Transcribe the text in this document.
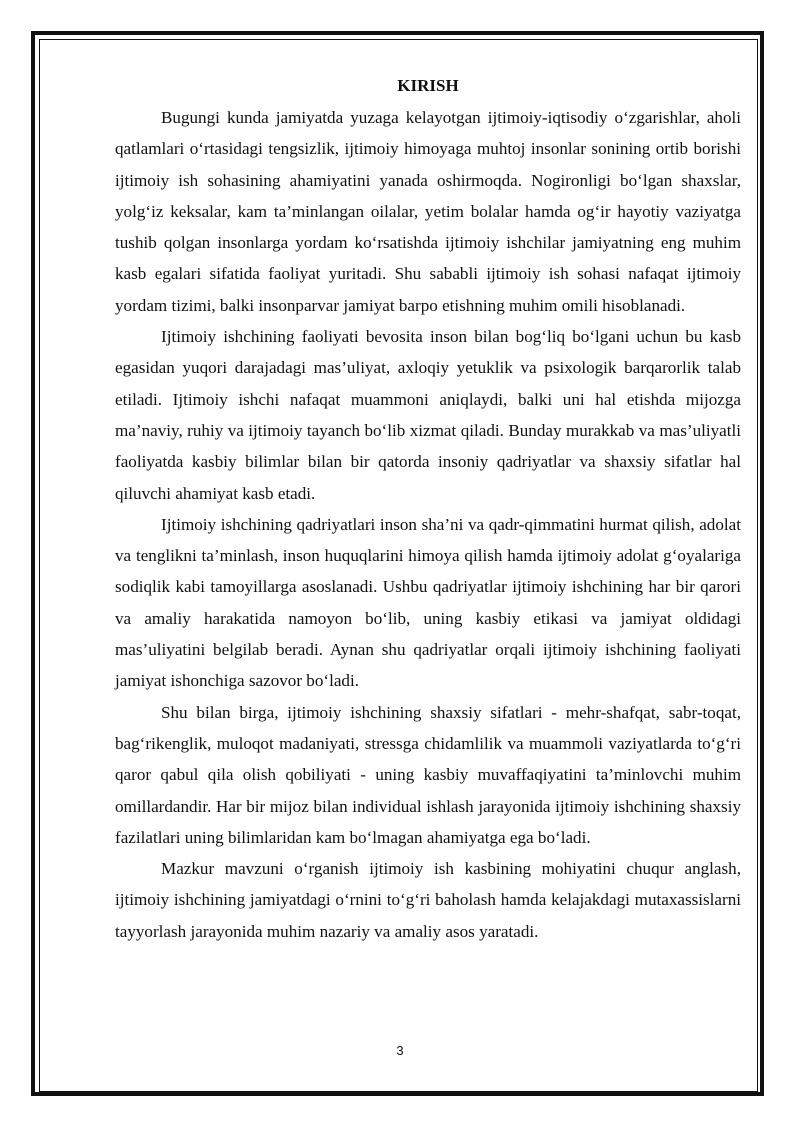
KIRISH

Bugungi kunda jamiyatda yuzaga kelayotgan ijtimoiy-iqtisodiy o‘zgarishlar, aholi qatlamlari o‘rtasidagi tengsizlik, ijtimoiy himoyaga muhtoj insonlar sonining ortib borishi ijtimoiy ish sohasining ahamiyatini yanada oshirmoqda. Nogironligi bo‘lgan shaxslar, yolg‘iz keksalar, kam ta’minlangan oilalar, yetim bolalar hamda og‘ir hayotiy vaziyatga tushib qolgan insonlarga yordam ko‘rsatishda ijtimoiy ishchilar jamiyatning eng muhim kasb egalari sifatida faoliyat yuritadi. Shu sababli ijtimoiy ish sohasi nafaqat ijtimoiy yordam tizimi, balki insonparvar jamiyat barpo etishning muhim omili hisoblanadi.

Ijtimoiy ishchining faoliyati bevosita inson bilan bog‘liq bo‘lgani uchun bu kasb egasidan yuqori darajadagi mas’uliyat, axloqiy yetuklik va psixologik barqarorlik talab etiladi. Ijtimoiy ishchi nafaqat muammoni aniqlaydi, balki uni hal etishda mijozga ma’naviy, ruhiy va ijtimoiy tayanch bo‘lib xizmat qiladi. Bunday murakkab va mas’uliyatli faoliyatda kasbiy bilimlar bilan bir qatorda insoniy qadriyatlar va shaxsiy sifatlar hal qiluvchi ahamiyat kasb etadi.

Ijtimoiy ishchining qadriyatlari inson sha’ni va qadr-qimmatini hurmat qilish, adolat va tenglikni ta’minlash, inson huquqlarini himoya qilish hamda ijtimoiy adolat g‘oyalariga sodiqlik kabi tamoyillarga asoslanadi. Ushbu qadriyatlar ijtimoiy ishchining har bir qarori va amaliy harakatida namoyon bo‘lib, uning kasbiy etikasi va jamiyat oldidagi mas’uliyatini belgilab beradi. Aynan shu qadriyatlar orqali ijtimoiy ishchining faoliyati jamiyat ishonchiga sazovor bo‘ladi.

Shu bilan birga, ijtimoiy ishchining shaxsiy sifatlari - mehr-shafqat, sabr-toqat, bag‘rikenglik, muloqot madaniyati, stressga chidamlilik va muammoli vaziyatlarda to‘g‘ri qaror qabul qila olish qobiliyati - uning kasbiy muvaffaqiyatini ta’minlovchi muhim omillardandir. Har bir mijoz bilan individual ishlash jarayonida ijtimoiy ishchining shaxsiy fazilatlari uning bilimlaridan kam bo‘lmagan ahamiyatga ega bo‘ladi.

Mazkur mavzuni o‘rganish ijtimoiy ish kasbining mohiyatini chuqur anglash, ijtimoiy ishchining jamiyatdagi o‘rnini to‘g‘ri baholash hamda kelajakdagi mutaxassislarni tayyorlash jarayonida muhim nazariy va amaliy asos yaratadi.

3
